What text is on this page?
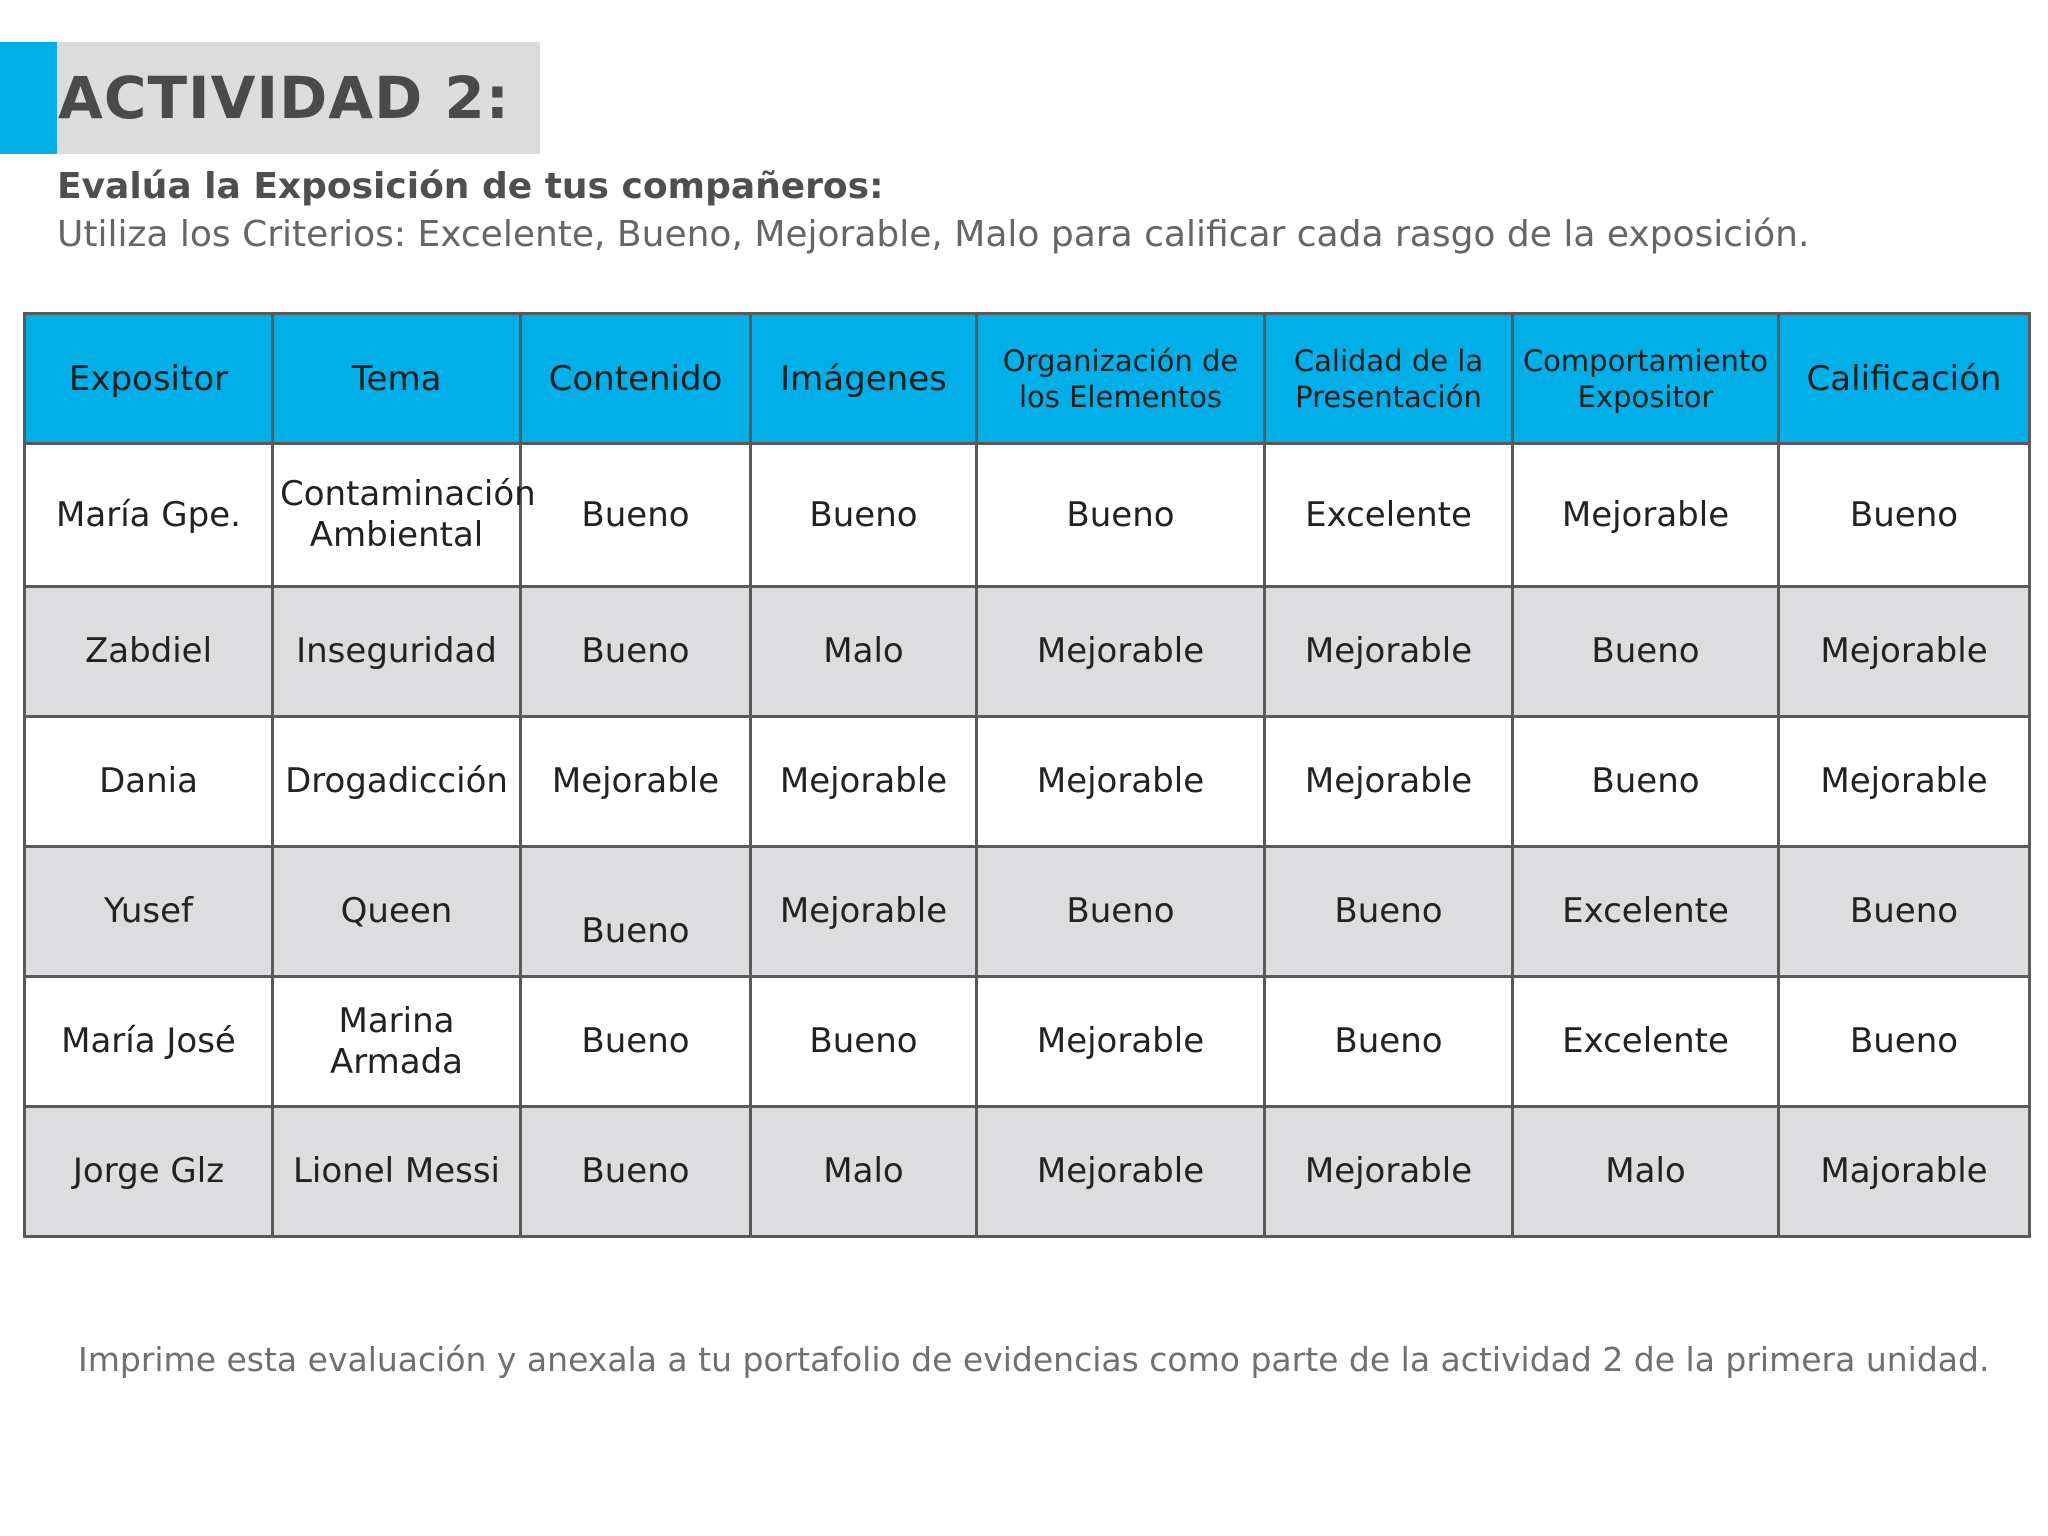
ACTIVIDAD 2:
Evalúa la Exposición de tus compañeros:
Utiliza los Criterios: Excelente, Bueno, Mejorable, Malo para calificar cada rasgo de la exposición.
Expositor	Tema	Contenido	Imágenes	Organización de los Elementos	Calidad de la Presentación	Comportamiento Expositor	Calificación
María Gpe.	Contaminación Ambiental	Bueno	Bueno	Bueno	Excelente	Mejorable	Bueno
Zabdiel	Inseguridad	Bueno	Malo	Mejorable	Mejorable	Bueno	Mejorable
Dania	Drogadicción	Mejorable	Mejorable	Mejorable	Mejorable	Bueno	Mejorable
Yusef	Queen	Bueno	Mejorable	Bueno	Bueno	Excelente	Bueno
María José	Marina Armada	Bueno	Bueno	Mejorable	Bueno	Excelente	Bueno
Jorge Glz	Lionel Messi	Bueno	Malo	Mejorable	Mejorable	Malo	Majorable
Imprime esta evaluación y anexala a tu portafolio de evidencias como parte de la actividad 2 de la primera unidad.
